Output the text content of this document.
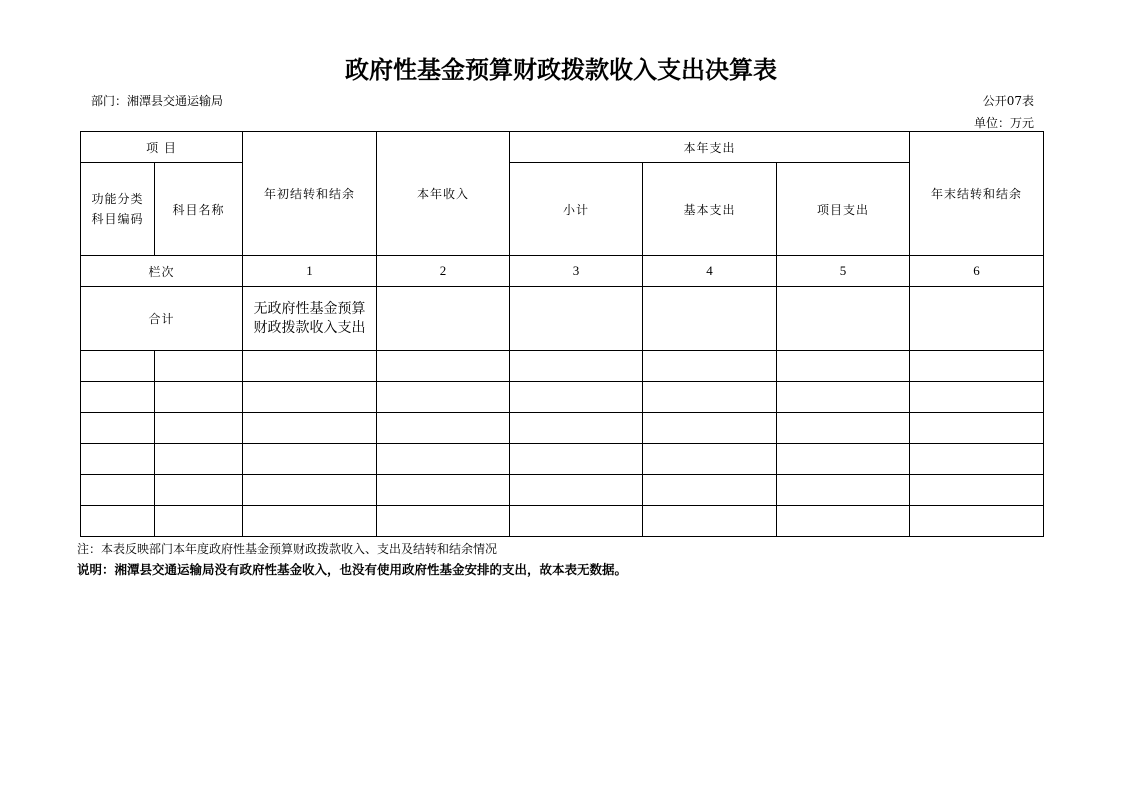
政府性基金预算财政拨款收入支出决算表
部门：湘潭县交通运输局	公开07表
单位：万元
项 目		年初结转和结余	本年收入	本年支出			年末结转和结余
功能分类科目编码	科目名称			小计	基本支出	项目支出	
栏次		1	2	3	4	5	6
合计		无政府性基金预算财政拨款收入支出					

注：本表反映部门本年度政府性基金预算财政拨款收入、支出及结转和结余情况
说明：湘潭县交通运输局没有政府性基金收入，也没有使用政府性基金安排的支出，故本表无数据。
